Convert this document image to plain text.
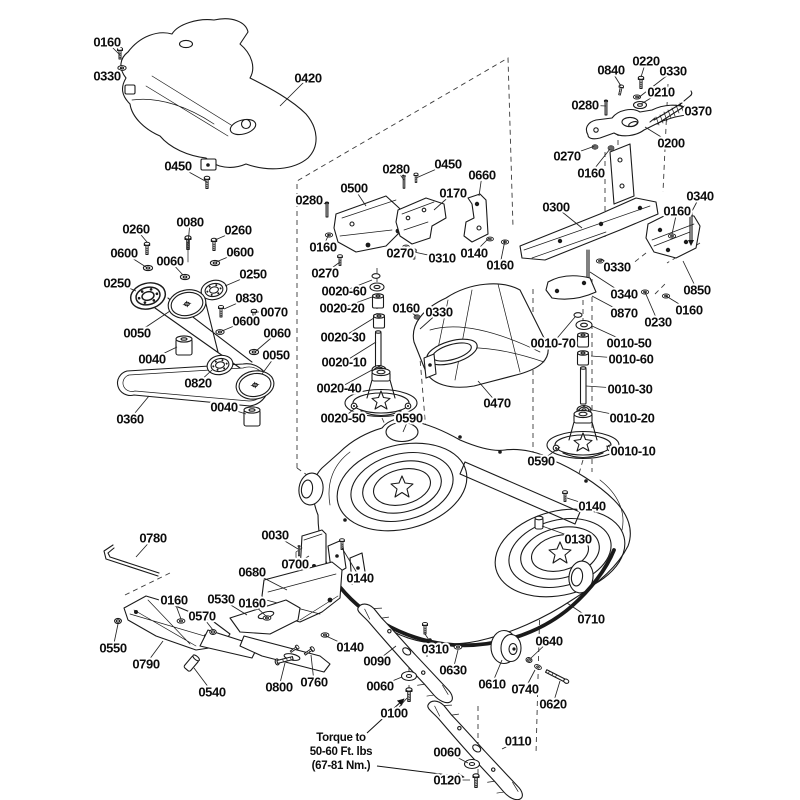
0160
0330	0420
0450
0840
0220
0330
0210
0370
0280
0200
0270
0160
0300
0340
0160
0160	0330
0340
0870
0230
0850
0160
0260 0080
0260
0600
0060
0600
0250
0250
0830
0070
0600
0060
0050
0040
0820
0050
0360
0040
0500
0280
0160
0270
0280 0450
0170
0660
0270 0310 0140
0020-60
0020-20
0020-30
0020-10
0020-40
0020-50 0590
0160 0330
0470
0010-70 0010-50
0010-60
0010-30
0010-20
0010-10
0590
0140
0130
0710
0030
0700
0140
0780
0680
0160 0530 0160
0570
0550
0790
0540	0800 0760
0140
0090
0310
0630
0060
0100
0610
0640
0740
0620
0110
0060
0120
Torque to
50-60 Ft. lbs
(67-81 Nm.)
